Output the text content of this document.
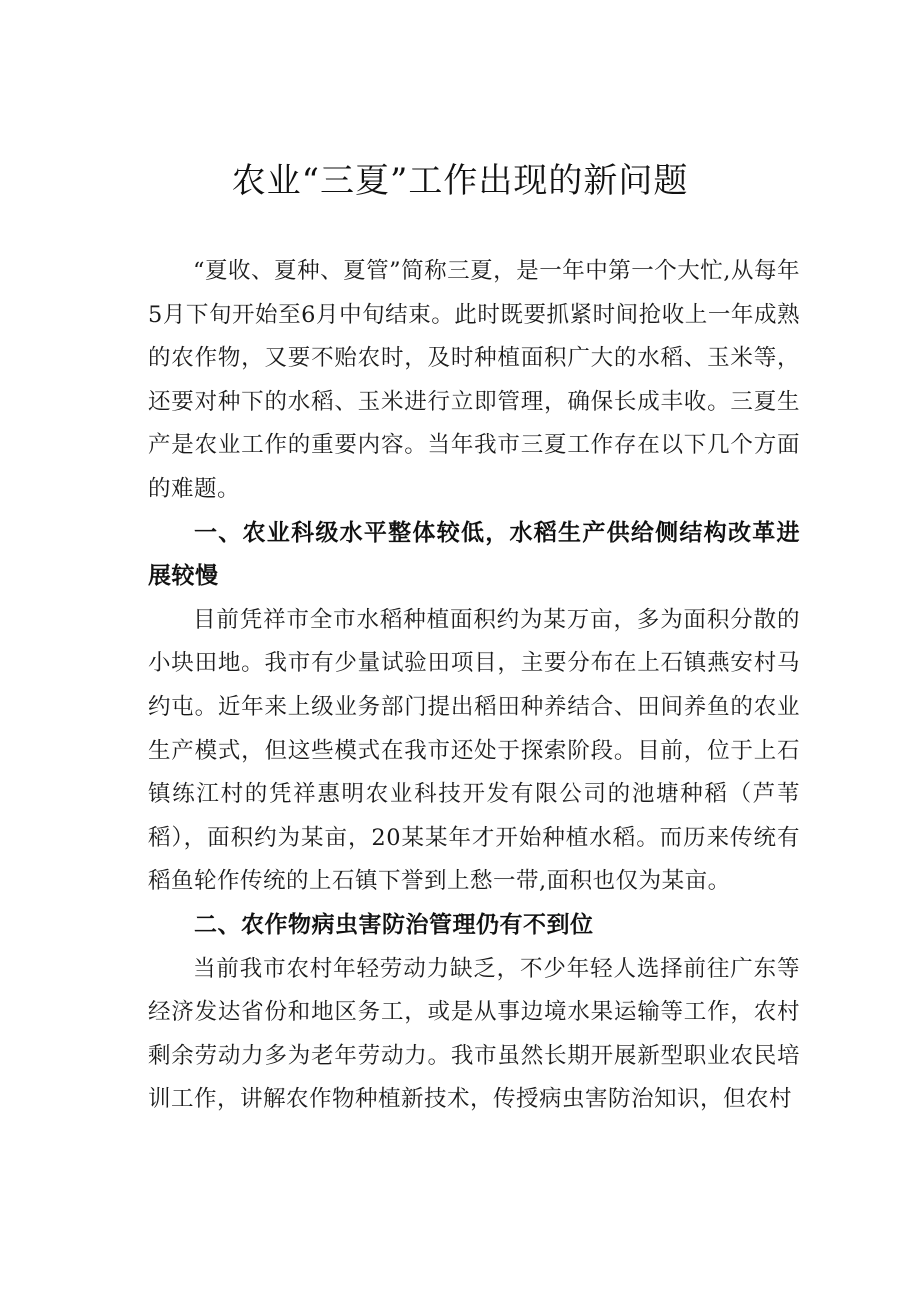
农业“三夏”工作出现的新问题

“夏收、夏种、夏管”简称三夏，是一年中第一个大忙,从每年5月下旬开始至6月中旬结束。此时既要抓紧时间抢收上一年成熟的农作物，又要不贻农时，及时种植面积广大的水稻、玉米等，还要对种下的水稻、玉米进行立即管理，确保长成丰收。三夏生产是农业工作的重要内容。当年我市三夏工作存在以下几个方面的难题。

一、农业科级水平整体较低，水稻生产供给侧结构改革进展较慢

目前凭祥市全市水稻种植面积约为某万亩，多为面积分散的小块田地。我市有少量试验田项目，主要分布在上石镇燕安村马约屯。近年来上级业务部门提出稻田种养结合、田间养鱼的农业生产模式，但这些模式在我市还处于探索阶段。目前，位于上石镇练江村的凭祥惠明农业科技开发有限公司的池塘种稻（芦苇稻），面积约为某亩，20某某年才开始种植水稻。而历来传统有稻鱼轮作传统的上石镇下誉到上愁一带,面积也仅为某亩。

二、农作物病虫害防治管理仍有不到位

当前我市农村年轻劳动力缺乏，不少年轻人选择前往广东等经济发达省份和地区务工，或是从事边境水果运输等工作，农村剩余劳动力多为老年劳动力。我市虽然长期开展新型职业农民培训工作，讲解农作物种植新技术，传授病虫害防治知识，但农村
